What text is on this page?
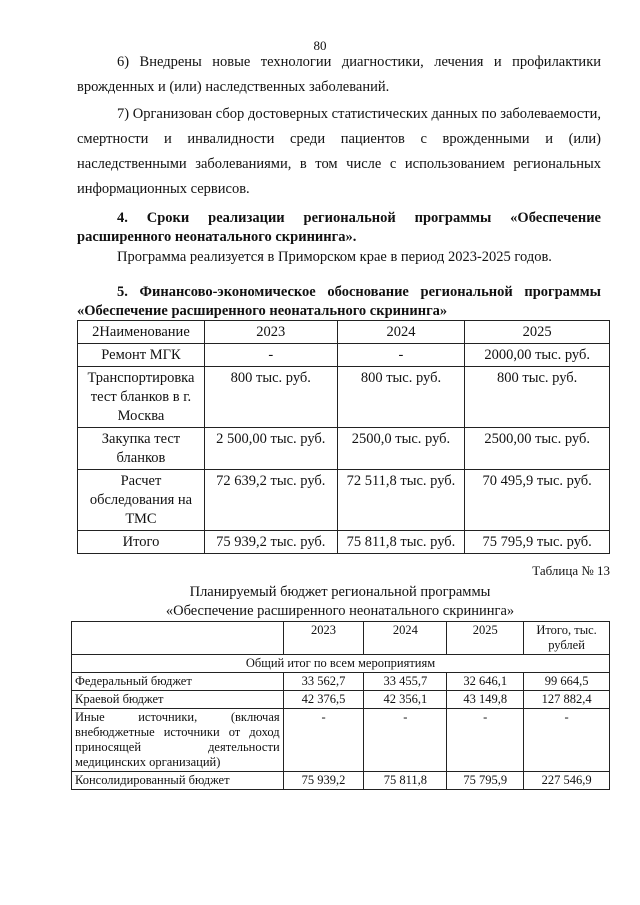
80

6) Внедрены новые технологии диагностики, лечения и профилактики врожденных и (или) наследственных заболеваний.

7) Организован сбор достоверных статистических данных по заболеваемости, смертности и инвалидности среди пациентов с врожденными и (или) наследственными заболеваниями, в том числе с использованием региональных информационных сервисов.

4. Сроки реализации региональной программы «Обеспечение расширенного неонатального скрининга».

Программа реализуется в Приморском крае в период 2023-2025 годов.

5. Финансово-экономическое обоснование региональной программы «Обеспечение расширенного неонатального скрининга»

2Наименование	2023	2024	2025
Ремонт МГК	-	-	2000,00 тыс. руб.
Транспортировка тест бланков в г. Москва	800 тыс. руб.	800 тыс. руб.	800 тыс. руб.
Закупка тест бланков	2 500,00 тыс. руб.	2500,0 тыс. руб.	2500,00 тыс. руб.
Расчет обследования на ТМС	72 639,2 тыс. руб.	72 511,8 тыс. руб.	70 495,9 тыс. руб.
Итого	75 939,2 тыс. руб.	75 811,8 тыс. руб.	75 795,9 тыс. руб.
Таблица № 13
Планируемый бюджет региональной программы
«Обеспечение расширенного неонатального скрининга»
	2023	2024	2025	Итого, тыс. рублей
Общий итог по всем мероприятиям				
Федеральный бюджет	33 562,7	33 455,7	32 646,1	99 664,5
Краевой бюджет	42 376,5	42 356,1	43 149,8	127 882,4
Иные источники, (включая внебюджетные источники от доход приносящей деятельности медицинских организаций)	-	-	-	-
Консолидированный бюджет	75 939,2	75 811,8	75 795,9	227 546,9
